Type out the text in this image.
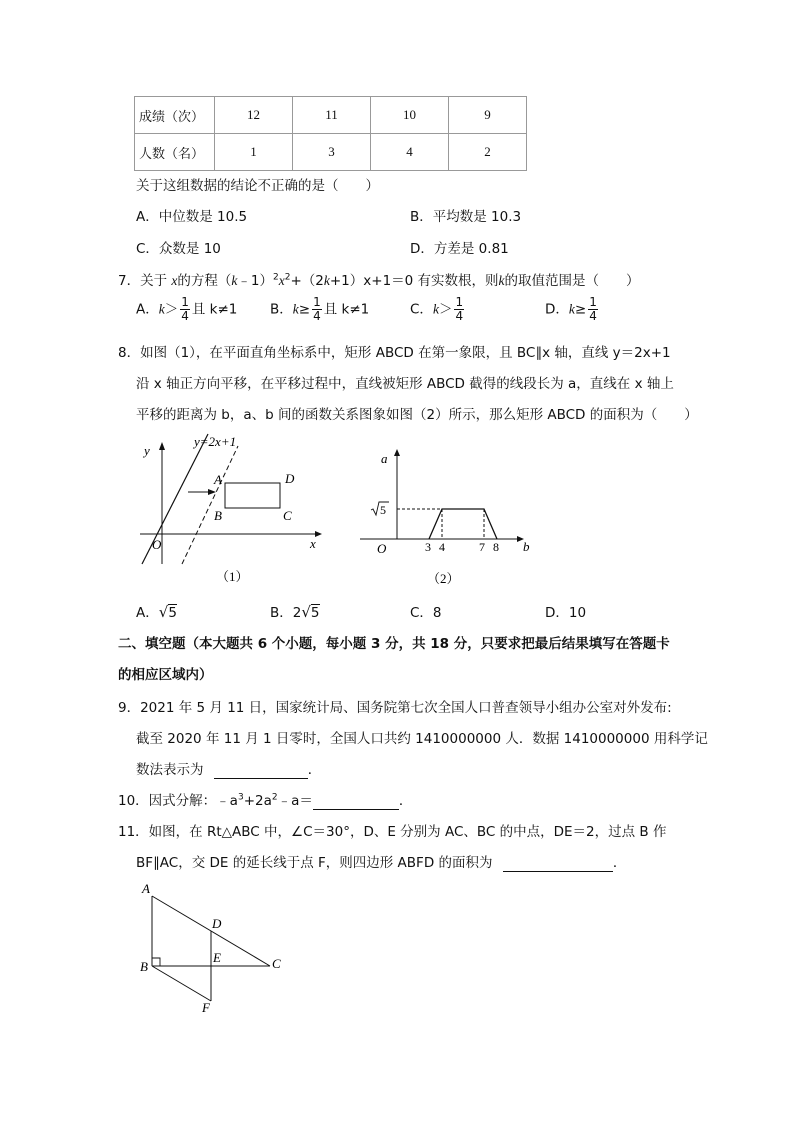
成绩（次）	12	11	10	9
人数（名）	1	3	4	2
关于这组数据的结论不正确的是（　　）
A．中位数是 10.5	B．平均数是 10.3
C．众数是 10	D．方差是 0.81
7．关于 x的方程$(k﹣1)^2x^2+(2k+1)x+1=0$ 有实数根，则k的取值范围是（　　）
A．$k> \frac{1}{4}$ 且 k≠1 B．$k\ge \frac{1}{4}$ 且 k≠1	C．$k> \frac{1}{4}$	D．$k\ge \frac{1}{4}$
8．如图（1），在平面直角坐标系中，矩形 ABCD 在第一象限，且 BC∥x 轴，直线 y＝2x+1
沿 x 轴正方向平移，在平移过程中，直线被矩形 ABCD 截得的线段长为 a，直线在 x 轴上
平移的距离为 b，a、b 间的函数关系图象如图（2）所示，那么矩形 ABCD 的面积为（　　）
y
y=2x+1
A
B	C
D
O	x
（1）
5
a
O	3 4	7 8 b
（2）
A．√5	B．2√5	C．8	D．10
二、填空题（本大题共 6 个小题，每小题 3 分，共 18 分，只要求把最后结果填写在答题卡
的相应区域内）
9．2021 年 5 月 11 日，国家统计局、国务院第七次全国人口普查领导小组办公室对外发布:
截至 2020 年 11 月 1 日零时，全国人口共约 1410000000 人．数据 1410000000 用科学记
数法表示为	．
10．因式分解：$﹣a^3+2a^2﹣a=$	．
11．如图，在 Rt△ABC 中，∠C＝30°，D、E 分别为 AC、BC 的中点，DE＝2，过点 B 作
BF∥AC，交 DE 的延长线于点 F，则四边形 ABFD 的面积为	．
A
B	C
D
E
F
